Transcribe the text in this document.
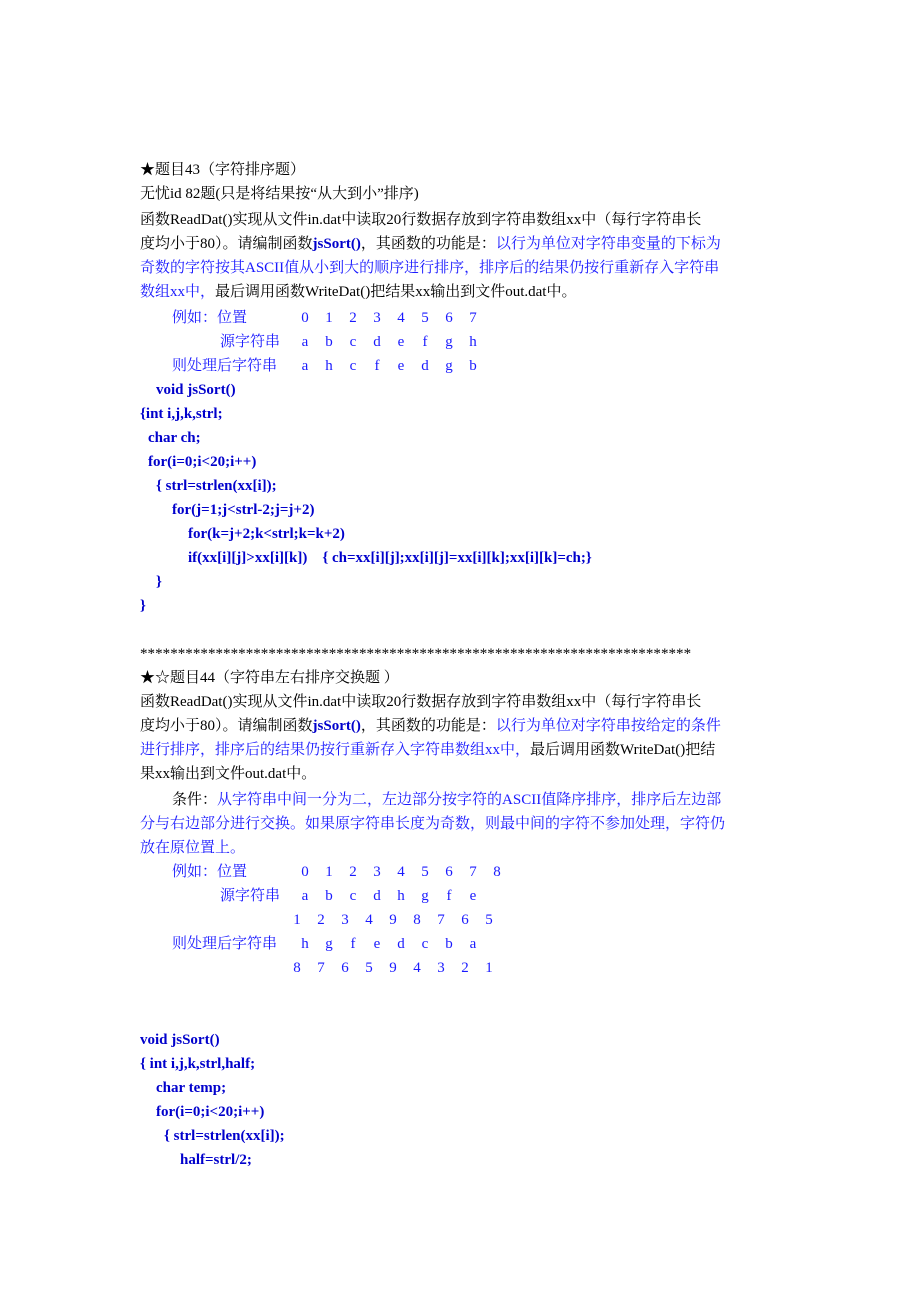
★题目43（字符排序题）
无忧id 82题(只是将结果按“从大到小”排序)
函数ReadDat()实现从文件in.dat中读取20行数据存放到字符串数组xx中（每行字符串长
度均小于80）。请编制函数jsSort()，其函数的功能是：以行为单位对字符串变量的下标为
奇数的字符按其ASCII值从小到大的顺序进行排序，排序后的结果仍按行重新存入字符串
数组xx中，最后调用函数WriteDat()把结果xx输出到文件out.dat中。
例如：位置	0 1 2 3 4 5 6 7
源字符串	a	b	c	d	e	f	g h
则处理后字符串	a	h	c	f	e	d g b
void jsSort()
{int i,j,k,strl;
char ch;
for(i=0;i<20;i++)
{ strl=strlen(xx[i]);
for(j=1;j<strl-2;j=j+2)
for(k=j+2;k<strl;k=k+2)
if(xx[i][j]>xx[i][k])    { ch=xx[i][j];xx[i][j]=xx[i][k];xx[i][k]=ch;}
}
}
*************************************************************************
★☆题目44（字符串左右排序交换题 ）
函数ReadDat()实现从文件in.dat中读取20行数据存放到字符串数组xx中（每行字符串长
度均小于80）。请编制函数jsSort()，其函数的功能是：以行为单位对字符串按给定的条件
进行排序，排序后的结果仍按行重新存入字符串数组xx中，最后调用函数WriteDat()把结
果xx输出到文件out.dat中。
条件：从字符串中间一分为二，左边部分按字符的ASCII值降序排序，排序后左边部
分与右边部分进行交换。如果原字符串长度为奇数，则最中间的字符不参加处理，字符仍
放在原位置上。
例如：位置	0 1 2 3 4 5 6 7 8
源字符串	a	b	c	d h g	f	e
1 2 3 4 9 8 7 6 5
则处理后字符串 h g	f	e	d	c	b	a
8 7 6 5 9 4 3 2 1
void jsSort()
{ int i,j,k,strl,half;
char temp;
for(i=0;i<20;i++)
{ strl=strlen(xx[i]);
half=strl/2;
